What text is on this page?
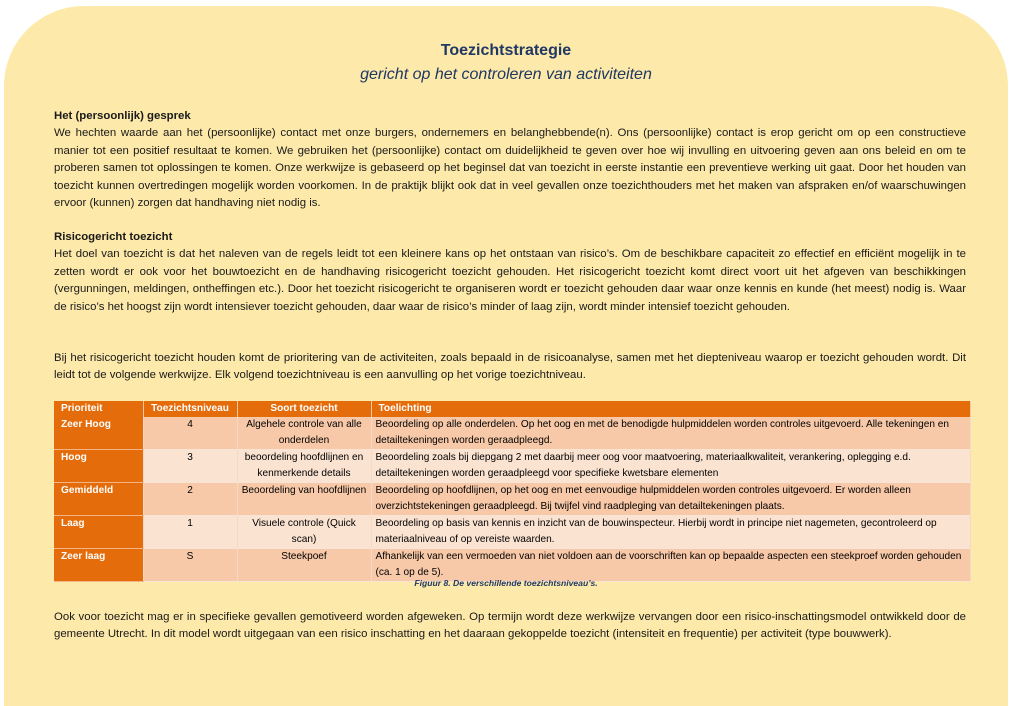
Toezichtstrategie
gericht op het controleren van activiteiten
Het (persoonlijk) gesprek
We hechten waarde aan het (persoonlijke) contact met onze burgers, ondernemers en belanghebbende(n). Ons (persoonlijke) contact is erop gericht om op een constructieve manier tot een positief resultaat te komen. We gebruiken het (persoonlijke) contact om duidelijkheid te geven over hoe wij invulling en uitvoering geven aan ons beleid en om te proberen samen tot oplossingen te komen. Onze werkwijze is gebaseerd op het beginsel dat van toezicht in eerste instantie een preventieve werking uit gaat. Door het houden van toezicht kunnen overtredingen mogelijk worden voorkomen. In de praktijk blijkt ook dat in veel gevallen onze toezichthouders met het maken van afspraken en/of waarschuwingen ervoor (kunnen) zorgen dat handhaving niet nodig is.
Risicogericht toezicht
Het doel van toezicht is dat het naleven van de regels leidt tot een kleinere kans op het ontstaan van risico’s. Om de beschikbare capaciteit zo effectief en efficiënt mogelijk in te zetten wordt er ook voor het bouwtoezicht en de handhaving risicogericht toezicht gehouden. Het risicogericht toezicht komt direct voort uit het afgeven van beschikkingen (vergunningen, meldingen, ontheffingen etc.). Door het toezicht risicogericht te organiseren wordt er toezicht gehouden daar waar onze kennis en kunde (het meest) nodig is. Waar de risico’s het hoogst zijn wordt intensiever toezicht gehouden, daar waar de risico’s minder of laag zijn, wordt minder intensief toezicht gehouden.
Bij het risicogericht toezicht houden komt de prioritering van de activiteiten, zoals bepaald in de risicoanalyse, samen met het diepteniveau waarop er toezicht gehouden wordt. Dit leidt tot de volgende werkwijze. Elk volgend toezichtniveau is een aanvulling op het vorige toezichtniveau.
Prioriteit	Toezichtsniveau	Soort toezicht	Toelichting
Zeer Hoog	4	Algehele controle van alle onderdelen	Beoordeling op alle onderdelen. Op het oog en met de benodigde hulpmiddelen worden controles uitgevoerd. Alle tekeningen en detailtekeningen worden geraadpleegd.
Hoog	3	beoordeling hoofdlijnen en kenmerkende details	Beoordeling zoals bij diepgang 2 met daarbij meer oog voor maatvoering, materiaalkwaliteit, verankering, oplegging e.d. detailtekeningen worden geraadpleegd voor specifieke kwetsbare elementen
Gemiddeld	2	Beoordeling van hoofdlijnen	Beoordeling op hoofdlijnen, op het oog en met eenvoudige hulpmiddelen worden controles uitgevoerd. Er worden alleen overzichtstekeningen geraadpleegd. Bij twijfel vind raadpleging van detailtekeningen plaats.
Laag	1	Visuele controle (Quick scan)	Beoordeling op basis van kennis en inzicht van de bouwinspecteur. Hierbij wordt in principe niet nagemeten, gecontroleerd op materiaalniveau of op vereiste waarden.
Zeer laag	S	Steekpoef	Afhankelijk van een vermoeden van niet voldoen aan de voorschriften kan op bepaalde aspecten een steekproef worden gehouden (ca. 1 op de 5).
Figuur 8. De verschillende toezichtsniveau’s.
Ook voor toezicht mag er in specifieke gevallen gemotiveerd worden afgeweken. Op termijn wordt deze werkwijze vervangen door een risico-inschattingsmodel ontwikkeld door de gemeente Utrecht. In dit model wordt uitgegaan van een risico inschatting en het daaraan gekoppelde toezicht (intensiteit en frequentie) per activiteit (type bouwwerk).
